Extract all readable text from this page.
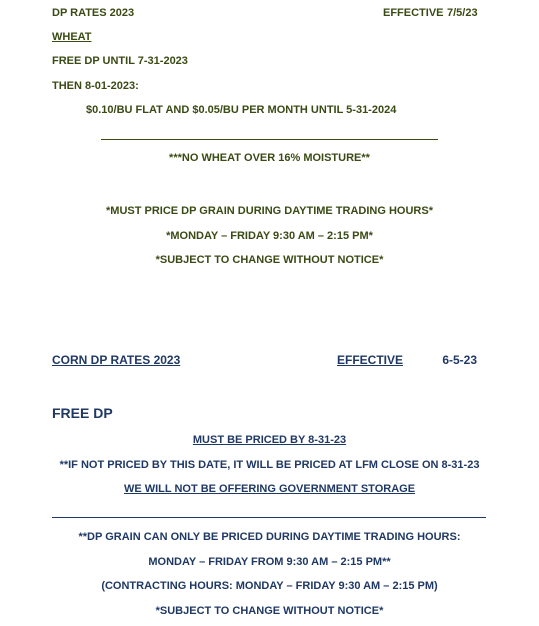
DP RATES 2023	EFFECTIVE 7/5/23
WHEAT
FREE DP UNTIL 7-31-2023
THEN 8-01-2023:
$0.10/BU FLAT AND $0.05/BU PER MONTH UNTIL 5-31-2024
***NO WHEAT OVER 16% MOISTURE**
*MUST PRICE DP GRAIN DURING DAYTIME TRADING HOURS*
*MONDAY – FRIDAY 9:30 AM – 2:15 PM*
*SUBJECT TO CHANGE WITHOUT NOTICE*
CORN DP RATES 2023	EFFECTIVE	6-5-23
FREE DP
MUST BE PRICED BY 8-31-23
**IF NOT PRICED BY THIS DATE, IT WILL BE PRICED AT LFM CLOSE ON 8-31-23
WE WILL NOT BE OFFERING GOVERNMENT STORAGE
**DP GRAIN CAN ONLY BE PRICED DURING DAYTIME TRADING HOURS:
MONDAY – FRIDAY FROM 9:30 AM – 2:15 PM**
(CONTRACTING HOURS: MONDAY – FRIDAY 9:30 AM – 2:15 PM)
*SUBJECT TO CHANGE WITHOUT NOTICE*
